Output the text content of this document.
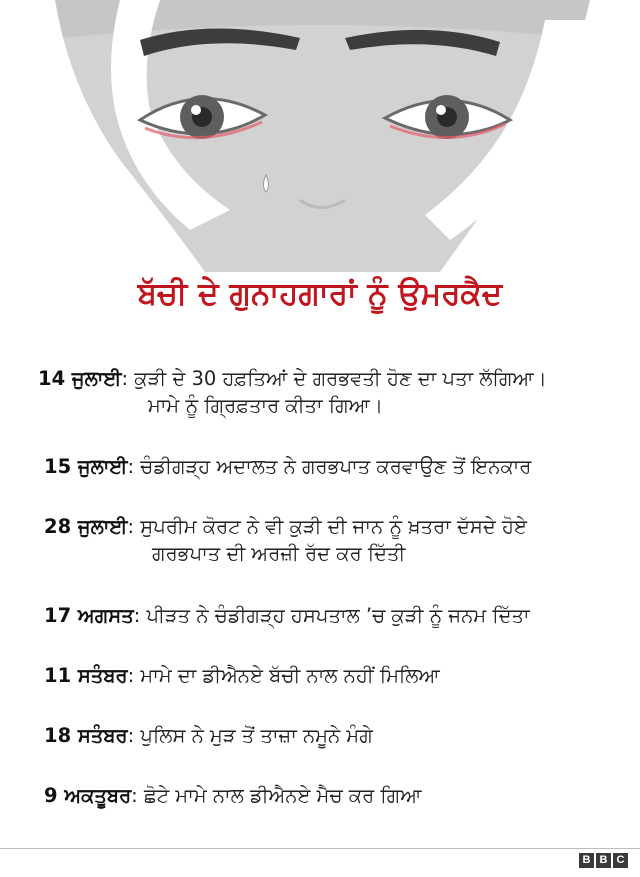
ਬੱਚੀ ਦੇ ਗੁਨਾਹਗਾਰਾਂ ਨੂੰ ਉਮਰਕੈਦ
14 ਜੁਲਾਈ: ਕੁੜੀ ਦੇ 30 ਹਫ਼ਤਿਆਂ ਦੇ ਗਰਭਵਤੀ ਹੋਣ ਦਾ ਪਤਾ ਲੱਗਿਆ।
ਮਾਮੇ ਨੂੰ ਗ੍ਰਿਫ਼ਤਾਰ ਕੀਤਾ ਗਿਆ।
15 ਜੁਲਾਈ: ਚੰਡੀਗੜ੍ਹ ਅਦਾਲਤ ਨੇ ਗਰਭਪਾਤ ਕਰਵਾਉਣ ਤੋਂ ਇਨਕਾਰ
28 ਜੁਲਾਈ: ਸੁਪਰੀਮ ਕੋਰਟ ਨੇ ਵੀ ਕੁੜੀ ਦੀ ਜਾਨ ਨੂੰ ਖ਼ਤਰਾ ਦੱਸਦੇ ਹੋਏ
ਗਰਭਪਾਤ ਦੀ ਅਰਜ਼ੀ ਰੱਦ ਕਰ ਦਿੱਤੀ
17 ਅਗਸਤ: ਪੀੜਤ ਨੇ ਚੰਡੀਗੜ੍ਹ ਹਸਪਤਾਲ ’ਚ ਕੁੜੀ ਨੂੰ ਜਨਮ ਦਿੱਤਾ
11 ਸਤੰਬਰ: ਮਾਮੇ ਦਾ ਡੀਐਨਏ ਬੱਚੀ ਨਾਲ ਨਹੀਂ ਮਿਲਿਆ
18 ਸਤੰਬਰ: ਪੁਲਿਸ ਨੇ ਮੁੜ ਤੋਂ ਤਾਜ਼ਾ ਨਮੂਨੇ ਮੰਗੇ
9 ਅਕਤੂਬਰ: ਛੋਟੇ ਮਾਮੇ ਨਾਲ ਡੀਐਨਏ ਮੈਚ ਕਰ ਗਿਆ
B B C
